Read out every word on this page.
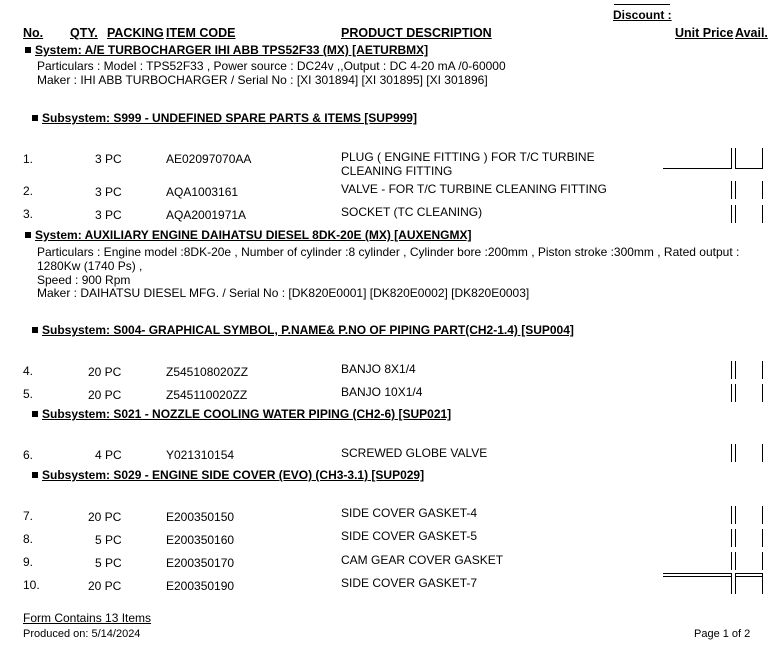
Discount :
No. QTY. PACKING ITEM CODE	PRODUCT DESCRIPTION	Unit Price Avail.
System: A/E TURBOCHARGER IHI ABB TPS52F33 (MX) [AETURBMX]
Particulars : Model : TPS52F33 , Power source : DC24v ,,Output : DC 4-20 mA /0-60000
Maker : IHI ABB TURBOCHARGER / Serial No : [XI 301894] [XI 301895] [XI 301896]
Subsystem: S999 - UNDEFINED SPARE PARTS & ITEMS [SUP999]
1.	3 PC	AE02097070AA	PLUG ( ENGINE FITTING ) FOR T/C TURBINE
CLEANING FITTING
2.	3 PC	AQA1003161	VALVE - FOR T/C TURBINE CLEANING FITTING
3.	3 PC	AQA2001971A	SOCKET (TC CLEANING)
System: AUXILIARY ENGINE DAIHATSU DIESEL 8DK-20E (MX) [AUXENGMX]
Particulars : Engine model :8DK-20e , Number of cylinder :8 cylinder , Cylinder bore :200mm , Piston stroke :300mm , Rated output :
1280Kw (1740 Ps) ,
Speed : 900 Rpm
Maker : DAIHATSU DIESEL MFG. / Serial No : [DK820E0001] [DK820E0002] [DK820E0003]
Subsystem: S004- GRAPHICAL SYMBOL, P.NAME& P.NO OF PIPING PART(CH2-1.4) [SUP004]
4.	20 PC	Z545108020ZZ	BANJO 8X1/4
5.	20 PC	Z545110020ZZ	BANJO 10X1/4
Subsystem: S021 - NOZZLE COOLING WATER PIPING (CH2-6) [SUP021]
6.	4 PC	Y021310154	SCREWED GLOBE VALVE
Subsystem: S029 - ENGINE SIDE COVER (EVO) (CH3-3.1) [SUP029]
7.	20 PC	E200350150	SIDE COVER GASKET-4
8.	5 PC	E200350160	SIDE COVER GASKET-5
9.	5 PC	E200350170	CAM GEAR COVER GASKET
10.	20 PC	E200350190	SIDE COVER GASKET-7
Form Contains 13 Items
Produced on: 5/14/2024	Page 1 of 2
